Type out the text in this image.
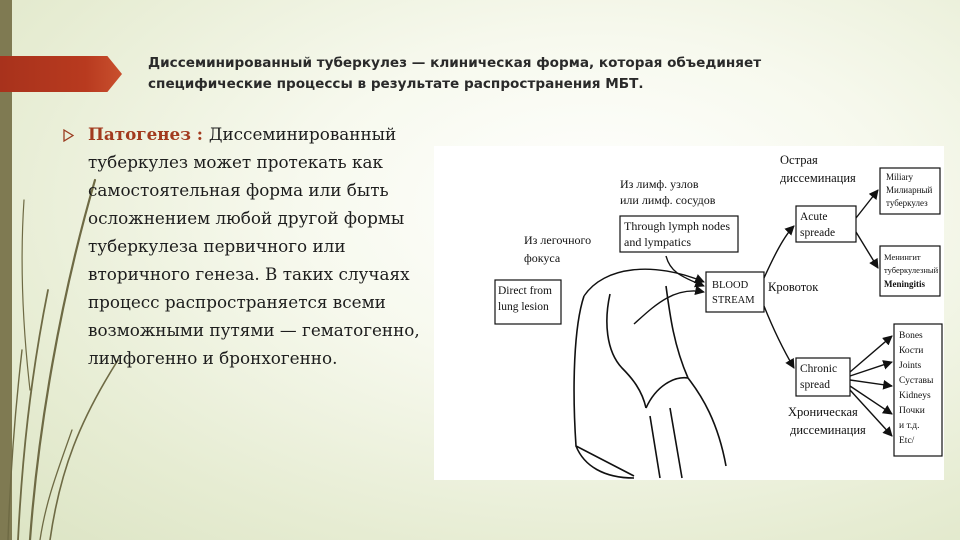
Диссеминированный туберкулез — клиническая форма, которая объединяет
специфические процессы в результате распространения МБТ.
Патогенез : Диссеминированный туберкулез может протекать как самостоятельная форма или быть осложнением любой другой формы туберкулеза первичного или вторичного генеза. В таких случаях процесс распространяется всеми возможными путями — гематогенно, лимфогенно и бронхогенно.
Из лимф. узлов
или лимф. сосудов
Through lymph nodes
and lympatics
Из легочного
фокуса
Direct from
lung lesion
BLOOD
STREAM
Кровоток
Острая
диссеминация
Acute
spreade
Chronic
spread
Хроническая
диссеминация
Miliary
Милиарный
туберкулез
Менингит
туберкулезный
Meningitis
Bones
Кости
Joints
Суставы
Kidneys
Почки
и т.д.
Etc/
